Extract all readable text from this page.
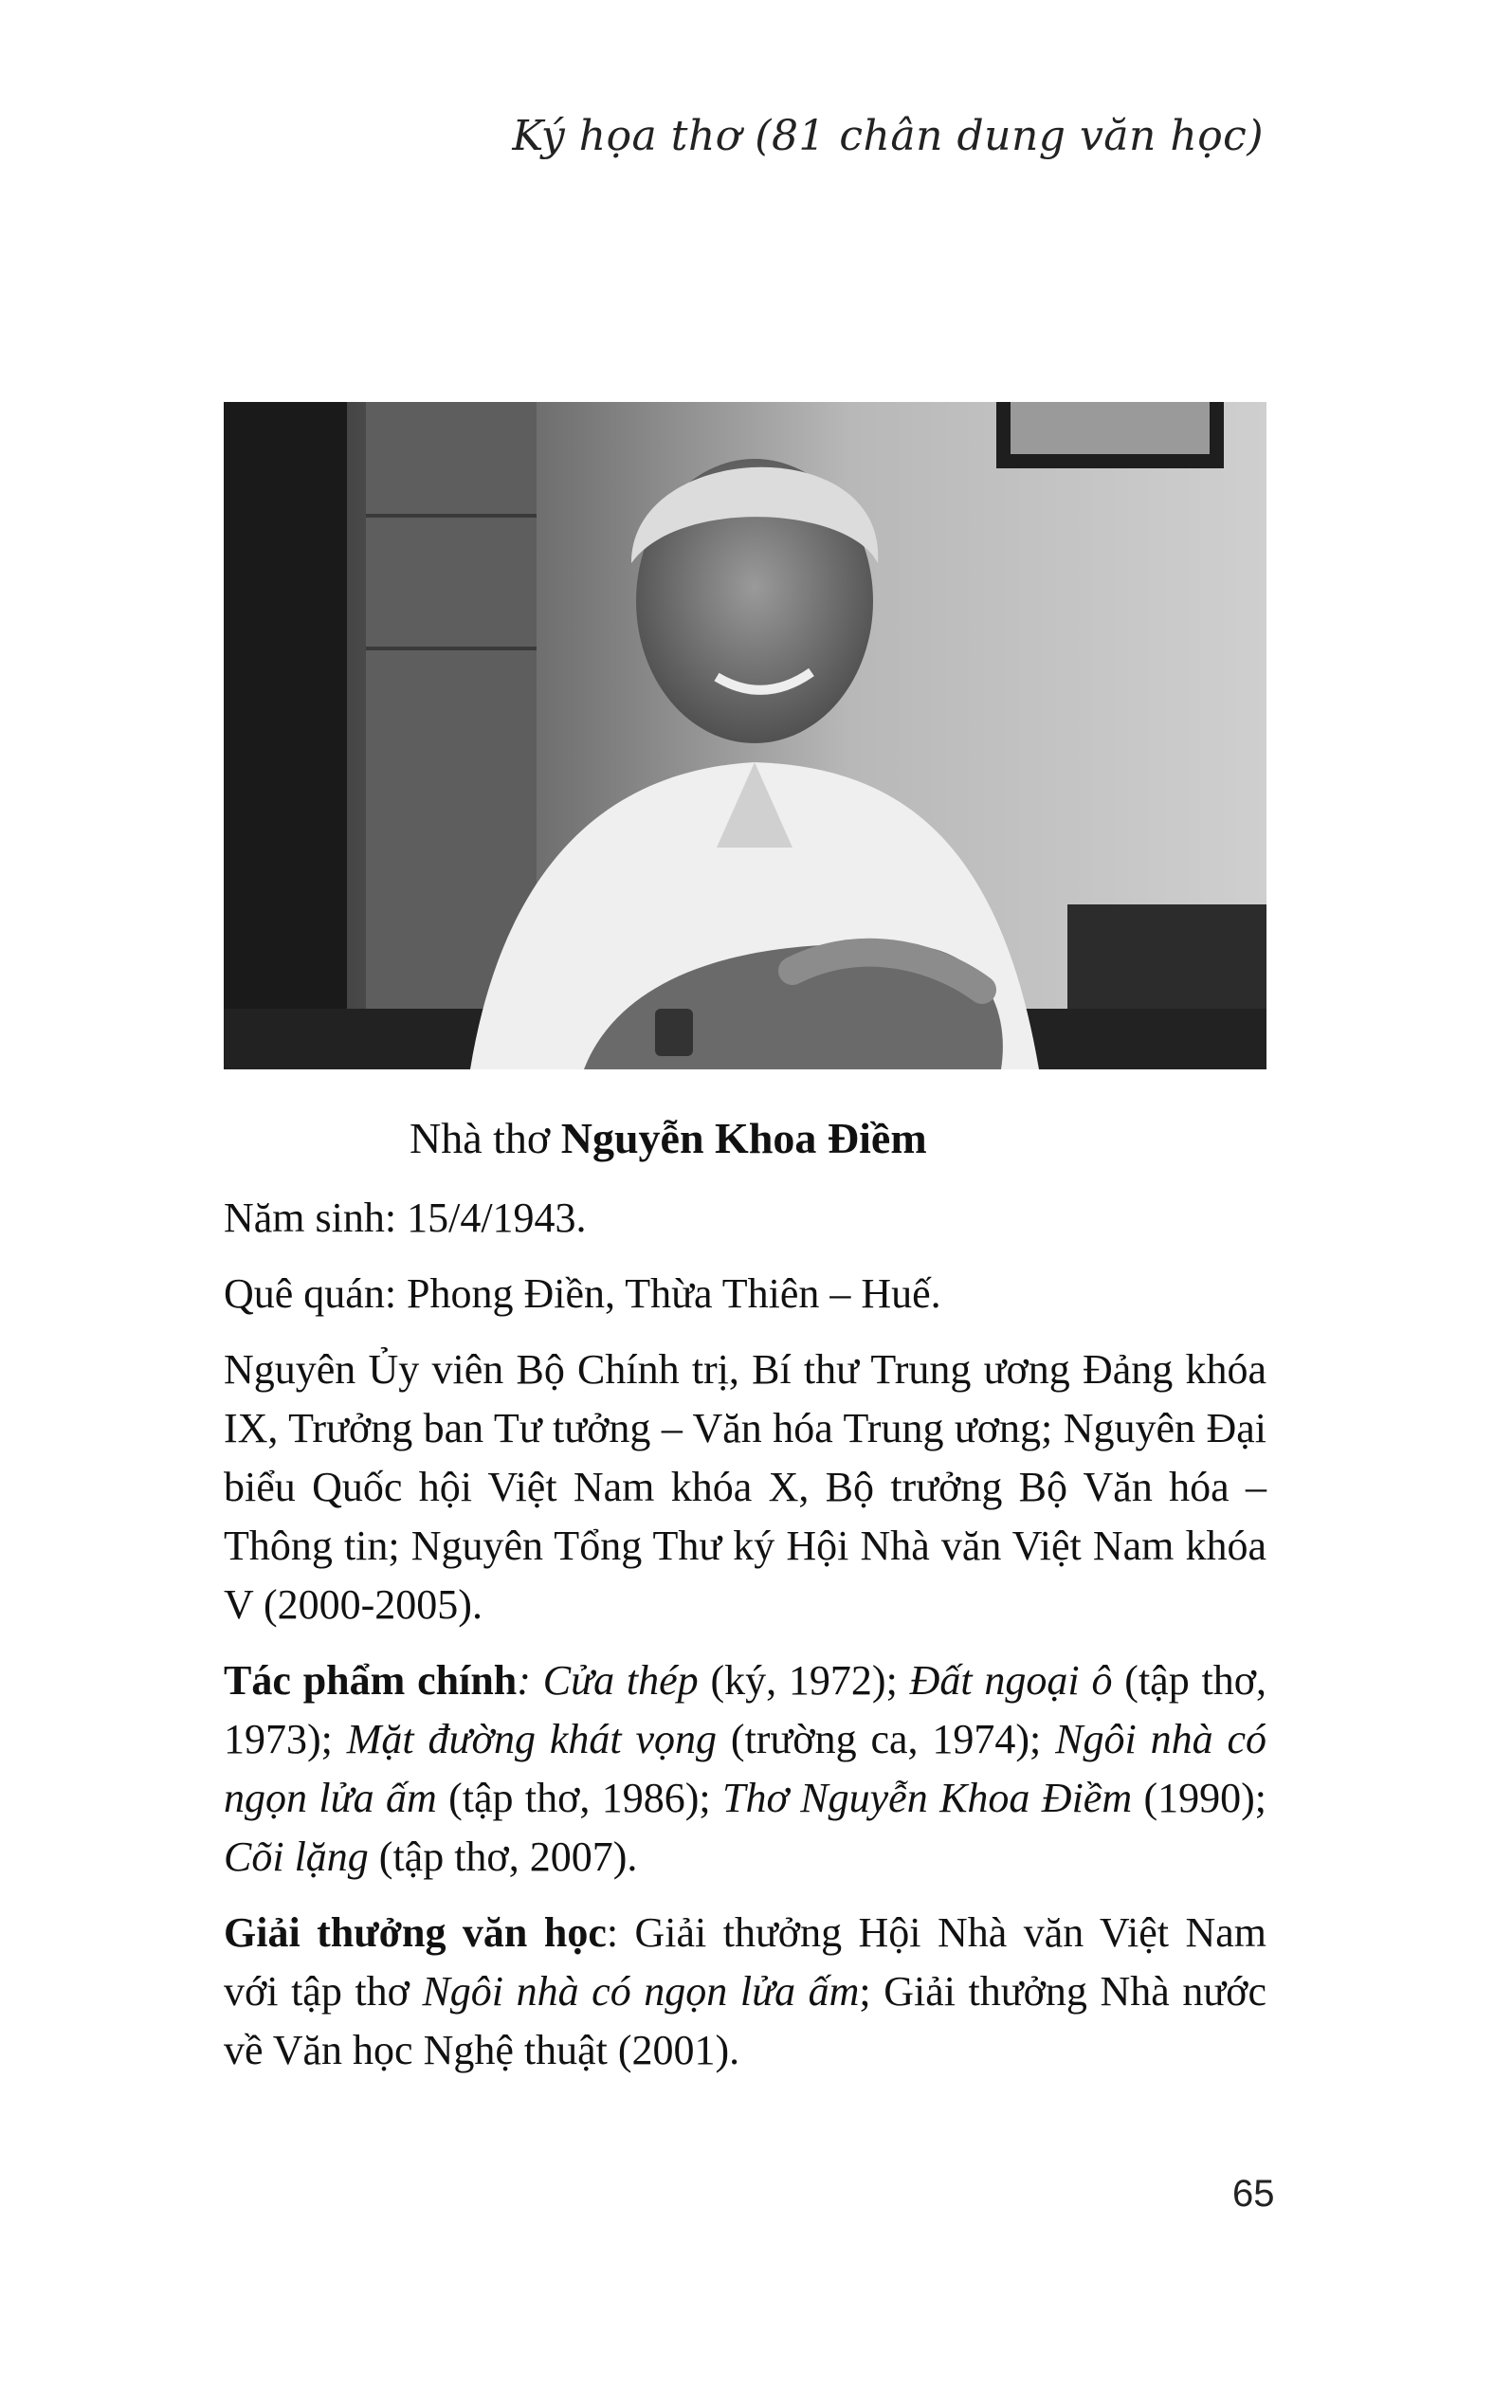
Ký họa thơ (81 chân dung văn học)
Nhà thơ Nguyễn Khoa Điềm

Năm sinh: 15/4/1943.

Quê quán: Phong Điền, Thừa Thiên – Huế.

Nguyên Ủy viên Bộ Chính trị, Bí thư Trung ương Đảng khóa IX, Trưởng ban Tư tưởng – Văn hóa Trung ương; Nguyên Đại biểu Quốc hội Việt Nam khóa X, Bộ trưởng Bộ Văn hóa – Thông tin; Nguyên Tổng Thư ký Hội Nhà văn Việt Nam khóa V (2000-2005).

Tác phẩm chính: Cửa thép (ký, 1972); Đất ngoại ô (tập thơ, 1973); Mặt đường khát vọng (trường ca, 1974); Ngôi nhà có ngọn lửa ấm (tập thơ, 1986); Thơ Nguyễn Khoa Điềm (1990); Cõi lặng (tập thơ, 2007).

Giải thưởng văn học: Giải thưởng Hội Nhà văn Việt Nam với tập thơ Ngôi nhà có ngọn lửa ấm; Giải thưởng Nhà nước về Văn học Nghệ thuật (2001).

65
